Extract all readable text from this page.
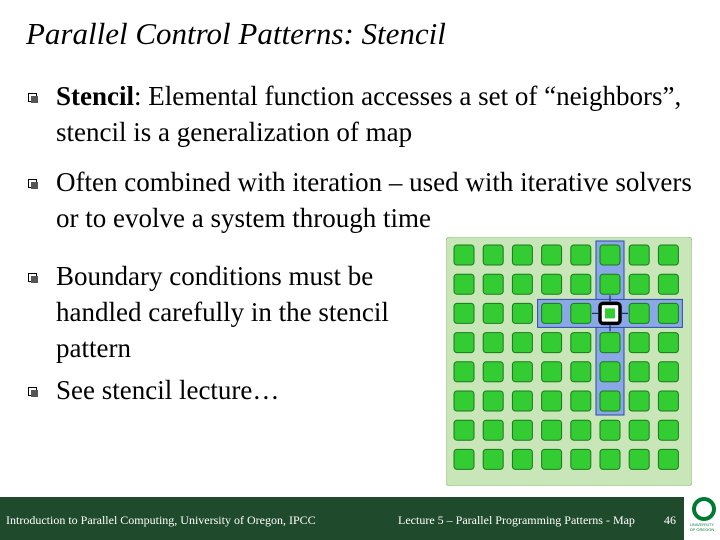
Parallel Control Patterns: Stencil
Stencil: Elemental function accesses a set of “neighbors”, stencil is a generalization of map
Often combined with iteration – used with iterative solvers or to evolve a system through time
Boundary conditions must be handled carefully in the stencil pattern
See stencil lecture…
Introduction to Parallel Computing, University of Oregon, IPCC	Lecture 5 – Parallel Programming Patterns - Map 46	UNIVERSITY
OF OREGON
